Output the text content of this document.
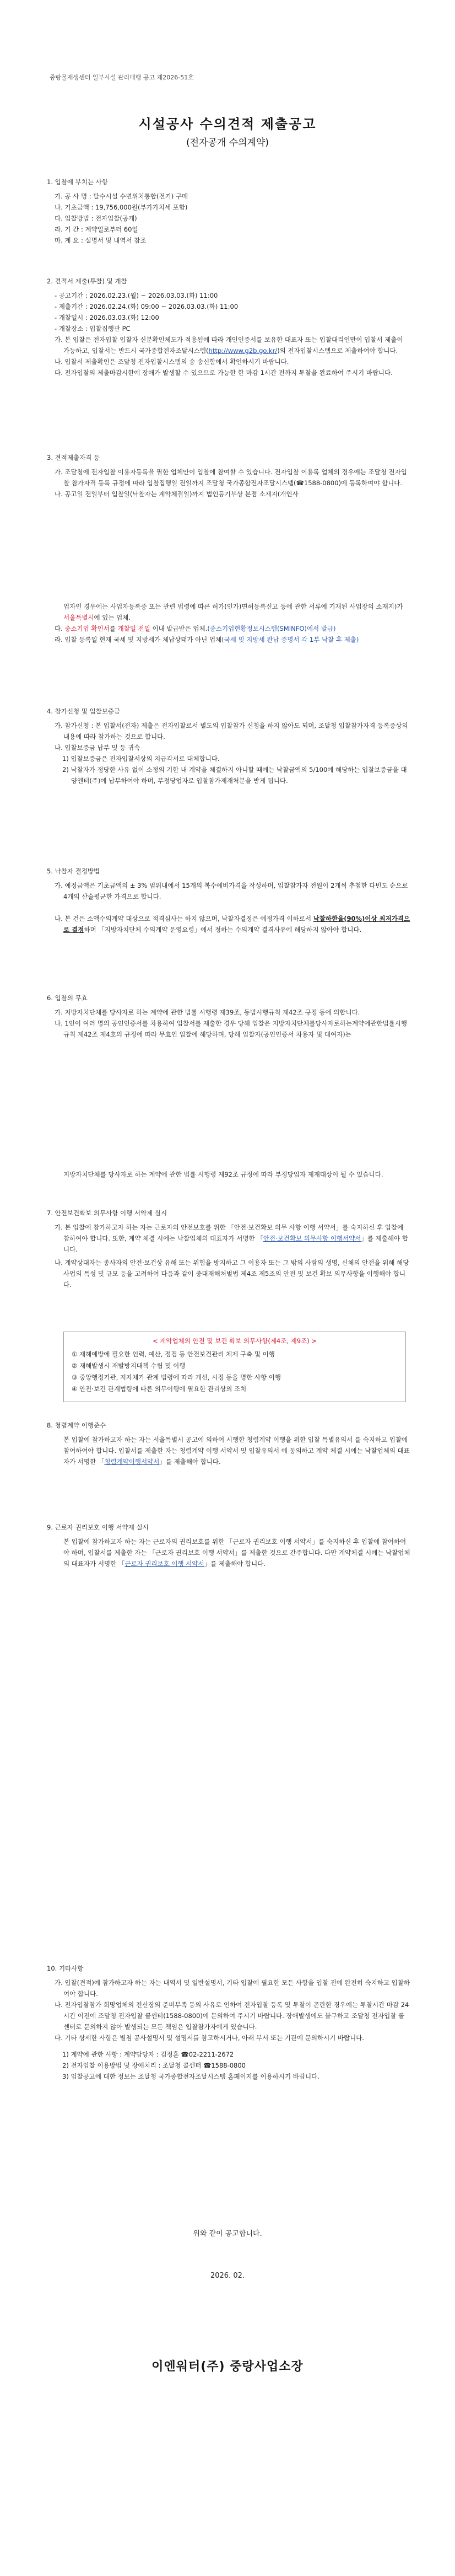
중랑물재생센터 일부시설 관리대행 공고 제2026-51호
시설공사 수의견적 제출공고
(전자공개 수의계약)
1. 입찰에 부치는 사항
가. 공 사 명 : 탈수시설 수변위치통합(전기) 구매
나. 기초금액 : 19,756,000원(부가가치세 포함)
다. 입찰방법 : 전자입찰(공개)
라. 기 간 : 계약일로부터 60일
마. 계 요 : 설명서 및 내역서 참조
2. 견적서 제출(투찰) 및 개찰
- 공고기간 : 2026.02.23.(월) ~ 2026.03.03.(화) 11:00
- 제출기간 : 2026.02.24.(화) 09:00 ~ 2026.03.03.(화) 11:00
- 개찰일시 : 2026.03.03.(화) 12:00
- 개찰장소 : 입찰집행관 PC
가. 본 입찰은 전자입찰 입찰자 신분확인체도가 적용됨에 따라 개인인증서를 보유한 대표자 또는 입찰대리인만이 입찰서 제출이 가능하고, 입찰서는 반드시 국가종합전자조달시스템(http://www.g2b.go.kr/)의 전자입찰시스템으로 제출하여야 합니다.
나. 입찰서 제출확인은 조달청 전자입찰시스템의 송 송신함에서 확인하시기 바랍니다.
다. 전자입찰의 제출마감시한에 장애가 발생할 수 있으므로 가능한 한 마감 1시간 전까지 투찰을 완료하여 주시기 바랍니다.
3. 견적제출자격 등
가. 조달청에 전자입찰 이용자등록을 필한 업체만이 입찰에 참여할 수 있습니다. 전자입찰 이용록 업체의 경우에는 조달청 전자입찰 참가자격 등록 규정에 따라 입찰집행일 전일까지 조달청 국가종합전자조달시스템(☎1588-0800)에 등록하여야 합니다.
나. 공고일 전일부터 입찰일(낙찰자는 계약체결일)까지 법인등기부상 본점 소재지(개인사
업자인 경우에는 사업자등록증 또는 관련 법령에 따른 허가(인가)면허등록신고 등에 관한 서류에 기재된 사업장의 소재지)가 서울특별시에 있는 업체.
다. 중소기업 확인서를 개찰일 전일 이내 발급받은 업체.(중소기업현황정보시스템(SMINFO)에서 발급)
라. 입찰 등록일 현재 국세 및 지방세가 체납상태가 아닌 업체(국세 및 지방세 완납 증명서 각 1부 낙찰 후 제출)
4. 참가신청 및 입찰보증금
가. 참가신청 : 본 입찰서(전자) 제출은 전자입찰로서 별도의 입찰참가 신청을 하지 않아도 되며, 조달청 입찰참가자격 등록증상의 내용에 따라 참가하는 것으로 합니다.
나. 입찰보증금 납부 및 등 귀속
1) 입찰보증금은 전자입찰서상의 지급각서로 대체합니다.
2) 낙찰자가 정당한 사유 없이 소정의 기한 내 계약을 체결하지 아니할 때에는 낙찰금액의 5/100에 해당하는 입찰보증금을 대양엔터(주)에 납부하여야 하며, 부정당업자로 입찰참가제재처분을 받게 됩니다.
5. 낙찰자 결정방법
가. 예정금액은 기초금액의 ± 3% 범위내에서 15개의 복수예비가격을 작성하며, 입찰참가자 전원이 2개씩 추첨한 다빈도 순으로 4개의 산술평균한 가격으로 합니다.
나. 본 건은 소액수의계약 대상으로 적격심사는 하지 않으며, 낙찰자결정은 예정가격 이하로서 낙찰하한율(90%)이상 최저가격으로 결정하며 「지방자치단체 수의계약 운영요령」에서 정하는 수의계약 결격사유에 해당하지 않아야 합니다.
6. 입찰의 무효
가. 지방자치단체를 당사자로 하는 계약에 관한 법률 시행령 제39조, 동법시행규칙 제42조 규정 등에 의합니다.
나. 1인이 여러 명의 공인인증서를 차용하여 입찰서를 제출한 경우 당해 입찰은 지방자치단체를당사자로하는계약에관한법률시행규칙 제42조 제4호의 규정에 따라 무효인 입찰에 해당하며, 당해 입찰자(공인인증서 차용자 및 대여자)는
지방자치단체를 당사자로 하는 계약에 관한 법률 시행령 제92조 규정에 따라 부정당업자 제재대상이 될 수 있습니다.
7. 안전보건확보 의무사항 이행 서약제 실시
가. 본 입찰에 참가하고자 하는 자는 근로자의 안전보호를 위한 「안전·보건확보 의무 사항 이행 서약서」를 숙지하신 후 입찰에 참하여야 합니다. 또한, 계약 체결 시에는 낙찰업체의 대표자가 서명한 「안전·보건확보 의무사항 이행서약서」를 제출해야 합니다.
나. 계약상대자는 종사자의 안전·보건상 유해 또는 위험을 방지하고 그 이용자 또는 그 밖의 사람의 생명, 신체의 안전을 위해 해당 사업의 특성 및 규모 등을 고려하여 다음과 같이 중대재해처벌법 제4조 제5조의 안전 및 보건 확보 의무사항을 이행해야 합니다.
< 계약업체의 안전 및 보건 확보 의무사항(제4조, 제9조) >
① 재해예방에 필요한 인력, 예산, 점검 등 안전보건관리 체제 구축 및 이행
② 재해발생시 재발방지대책 수립 및 이행
③ 중앙행정기관, 지자체가 관계 법령에 따라 개선, 시정 등을 명한 사항 이행
④ 안전·보건 관계법령에 따른 의무이행에 필요한 관리상의 조치
8. 청렴계약 이행준수
본 입찰에 참가하고자 하는 자는 서울특별시 공고에 의하여 시행한 청렴계약 이행을 위한 입찰 특별유의서 를 숙지하고 입찰에 참여하여야 합니다. 입찰서를 제출한 자는 청렴계약 이행 서약서 및 입찰유의서 에 동의하고 계약 체결 시에는 낙찰업체의 대표자가 서명한 「청렴계약이행서약서」를 제출해야 합니다.
9. 근로자 권리보호 이행 서약제 실시
본 입찰에 참가하고자 하는 자는 근로자의 권리보호를 위한 「근로자 권리보호 이행 서약서」를 숙지하신 후 입찰에 참여하여야 하며, 입찰서를 제출한 자는 「근로자 권리보호 이행 서약서」를 제출한 것으로 간주합니다. 다만 계약체결 시에는 낙찰업체의 대표자가 서명한 「근로자 권리보호 이행 서약서」를 제출해야 합니다.
10. 기타사항
가. 입찰(견적)에 참가하고자 하는 자는 내역서 및 일반설명서, 기타 입찰에 필요한 모든 사항을 입찰 전에 완전히 숙지하고 입찰하여야 합니다.
나. 전자입찰참가 희망업체의 전산장의 준비부족 등의 사유로 인하여 전자입찰 등록 및 투찰이 곤란한 경우에는 투찰시간 마감 24시간 이전에 조달청 전자입찰 콜센터(1588-0800)에 문의하여 주시기 바랍니다. 장애발생에도 불구하고 조달청 전자입찰 콜센터로 문의하지 않아 발생되는 모든 책임은 입찰참가자에게 있습니다.
다. 기타 상세한 사항은 별첨 공사설명서 및 설명서를 참고하시거나, 아래 부서 또는 기관에 문의하시기 바랍니다.
1) 계약에 관한 사항 : 계약담당자 : 김정훈 ☎02-2211-2672
2) 전자입찰 이용방법 및 장애처리 : 조달청 콜센터 ☎1588-0800
3) 입찰공고에 대한 정보는 조달청 국가종합전자조달시스템 홈페이지를 이용하시기 바랍니다.
위와 같이 공고합니다.
2026. 02.
이엔워터(주) 중랑사업소장
